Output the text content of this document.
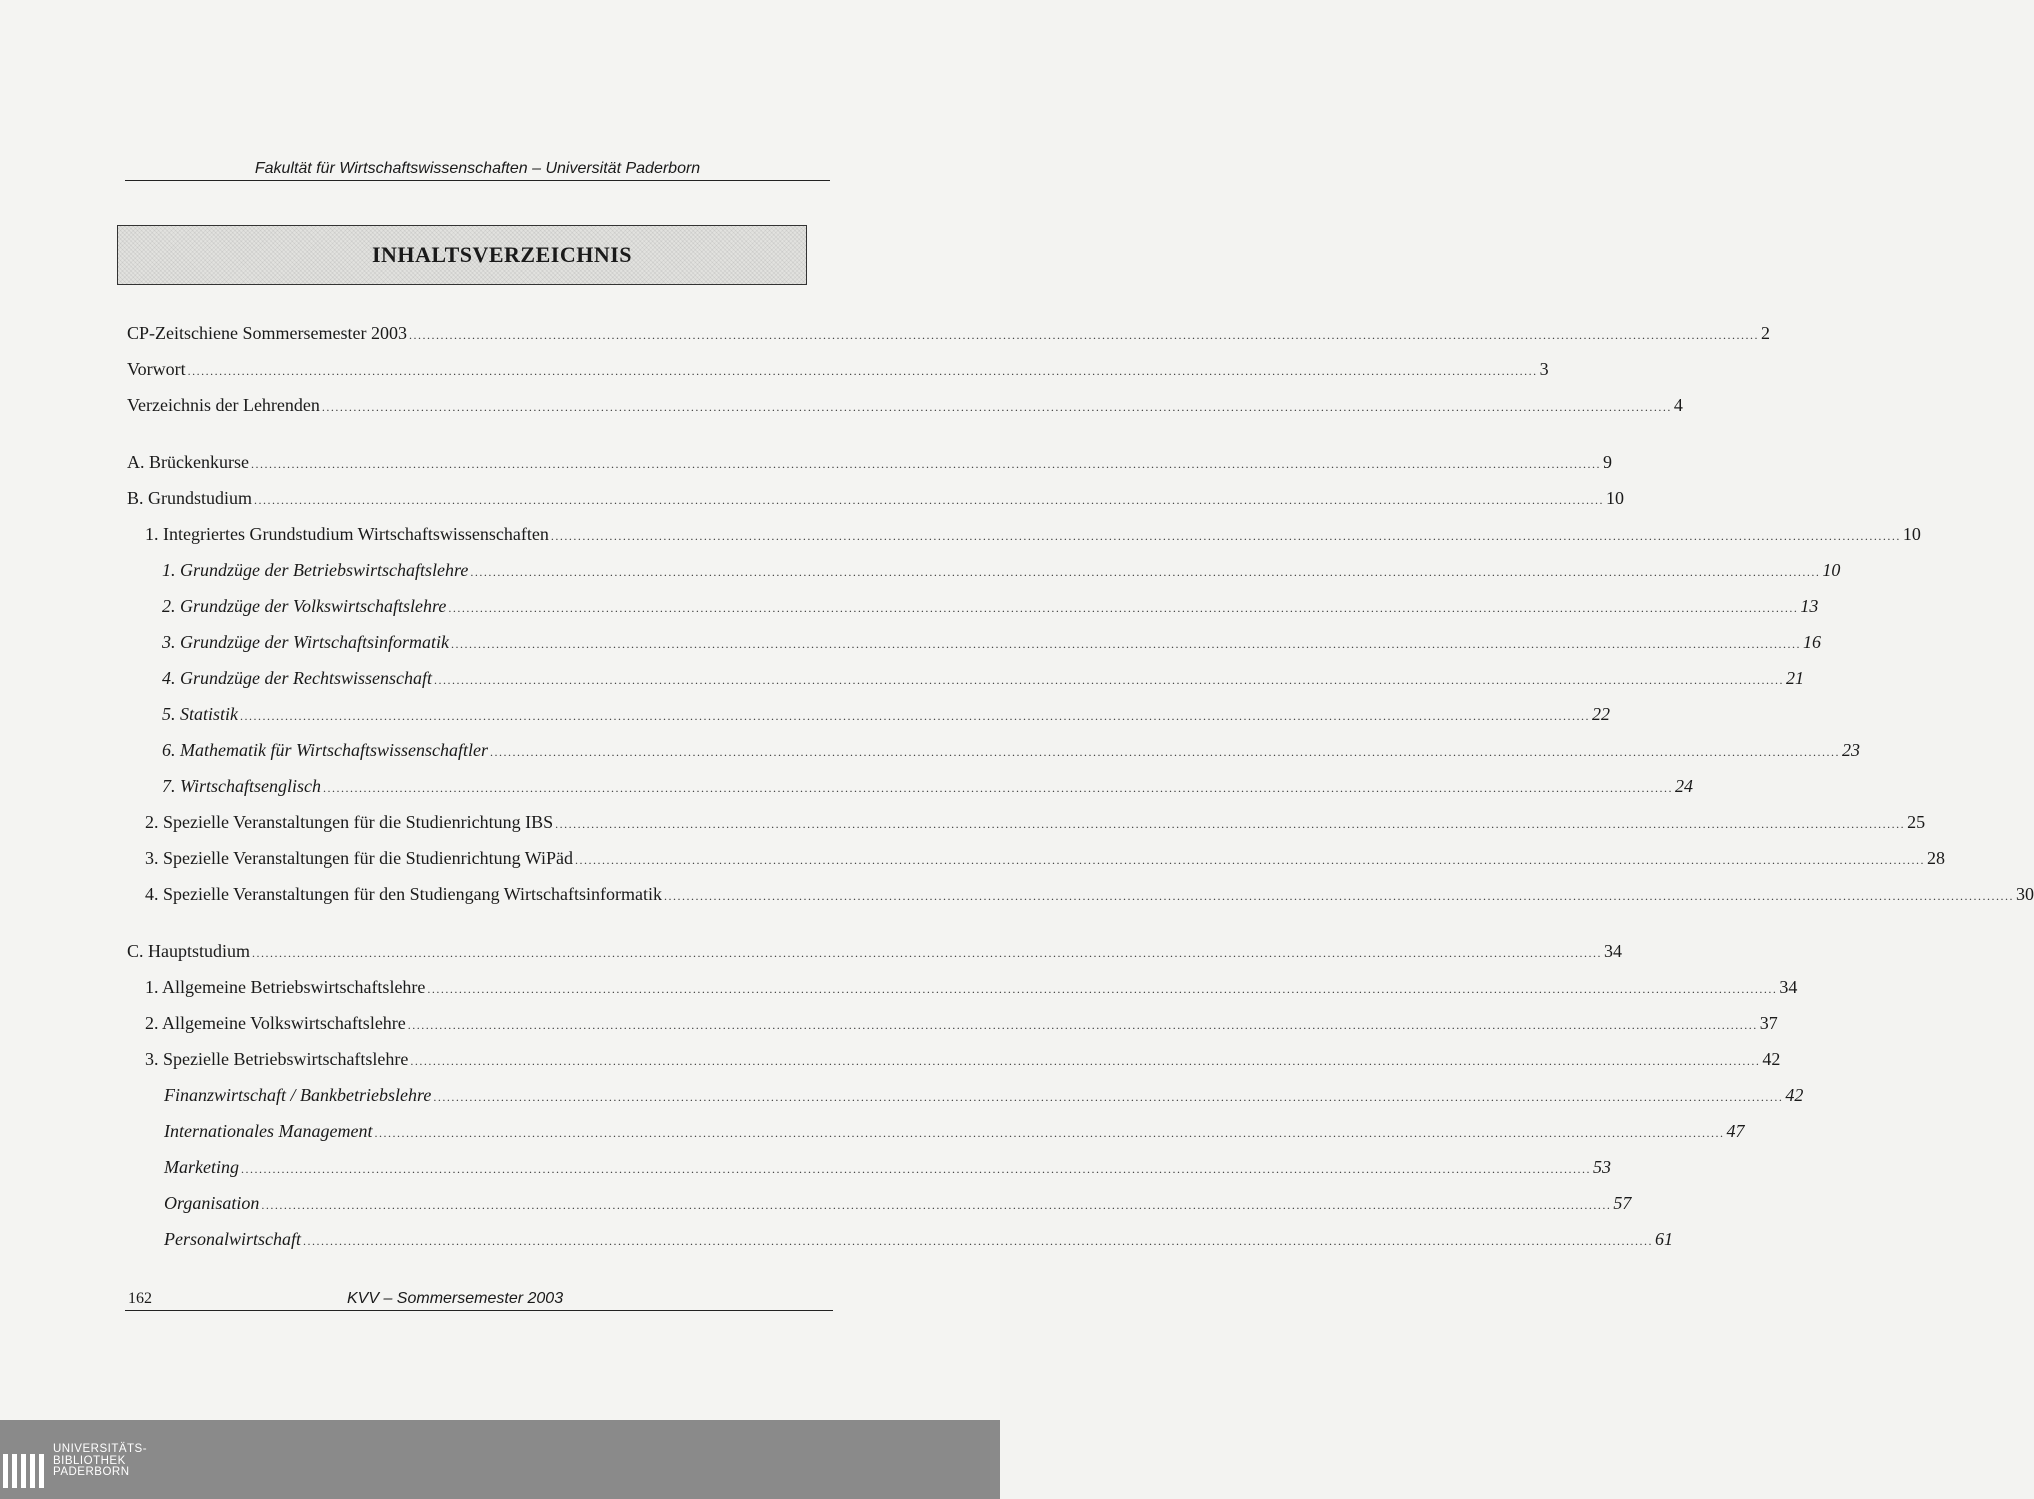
Fakultät für Wirtschaftswissenschaften – Universität Paderborn
INHALTSVERZEICHNIS
CP-Zeitschiene Sommersemester 2003 ............................................................................................................................................................................................................................................................................................................ 2
Vorwort ............................................................................................................................................................................................................................................................................................................ 3
Verzeichnis der Lehrenden ............................................................................................................................................................................................................................................................................................................ 4
A. Brückenkurse ............................................................................................................................................................................................................................................................................................................ 9
B. Grundstudium ............................................................................................................................................................................................................................................................................................................ 10
1. Integriertes Grundstudium Wirtschaftswissenschaften ............................................................................................................................................................................................................................................................................................................ 10
1. Grundzüge der Betriebswirtschaftslehre ............................................................................................................................................................................................................................................................................................................ 10
2. Grundzüge der Volkswirtschaftslehre ............................................................................................................................................................................................................................................................................................................ 13
3. Grundzüge der Wirtschaftsinformatik ............................................................................................................................................................................................................................................................................................................ 16
4. Grundzüge der Rechtswissenschaft ............................................................................................................................................................................................................................................................................................................ 21
5. Statistik ............................................................................................................................................................................................................................................................................................................ 22
6. Mathematik für Wirtschaftswissenschaftler ............................................................................................................................................................................................................................................................................................................ 23
7. Wirtschaftsenglisch ............................................................................................................................................................................................................................................................................................................ 24
2. Spezielle Veranstaltungen für die Studienrichtung IBS ............................................................................................................................................................................................................................................................................................................ 25
3. Spezielle Veranstaltungen für die Studienrichtung WiPäd ............................................................................................................................................................................................................................................................................................................ 28
4. Spezielle Veranstaltungen für den Studiengang Wirtschaftsinformatik ............................................................................................................................................................................................................................................................................................................ 30
C. Hauptstudium ............................................................................................................................................................................................................................................................................................................ 34
1. Allgemeine Betriebswirtschaftslehre ............................................................................................................................................................................................................................................................................................................ 34
2. Allgemeine Volkswirtschaftslehre ............................................................................................................................................................................................................................................................................................................ 37
3. Spezielle Betriebswirtschaftslehre ............................................................................................................................................................................................................................................................................................................ 42
Finanzwirtschaft / Bankbetriebslehre ............................................................................................................................................................................................................................................................................................................ 42
Internationales Management ............................................................................................................................................................................................................................................................................................................ 47
Marketing ............................................................................................................................................................................................................................................................................................................ 53
Organisation ............................................................................................................................................................................................................................................................................................................ 57
Personalwirtschaft ............................................................................................................................................................................................................................................................................................................ 61
162	KVV – Sommersemester 2003
UNIVERSITÄTS-
BIBLIOTHEK
PADERBORN
